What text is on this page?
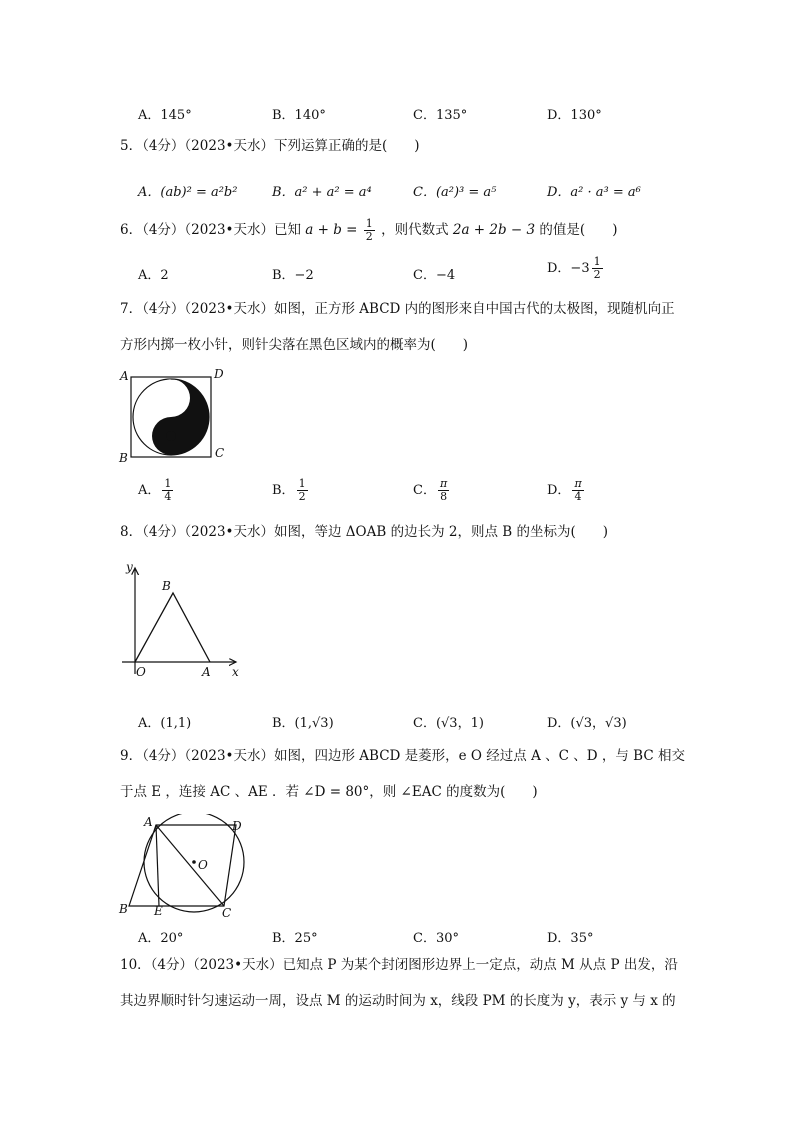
A．145°	B．140°	C．135°	D．130°
5．（4分）（2023•天水）下列运算正确的是(　　)
A．(ab)² = a²b²	B．a² + a² = a⁴	C．(a²)³ = a⁵	D．a² · a³ = a⁶
6．（4分）（2023•天水）已知 $a + b = \frac{1}{2}$ ，则代数式 2a + 2b − 3 的值是(　　)
A．2	B．−2	C．−4	D．$-3 \frac{1}{2}$
7．（4分）（2023•天水）如图，正方形 ABCD 内的图形来自中国古代的太极图，现随机向正
方形内掷一枚小针，则针尖落在黑色区域内的概率为(　　)
A	D
B	C
A． $\frac{1}{4}$	B． $\frac{1}{2}$	C． $\frac{\pi}{8}$	D． $\frac{\pi}{4}$
8．（4分）（2023•天水）如图，等边 ΔOAB 的边长为 2，则点 B 的坐标为(　　)
y
x
O	A
B
A．(1,1)	B．(1,√3)	C．(√3，1)	D．(√3，√3)
9．（4分）（2023•天水）如图，四边形 ABCD 是菱形，e O 经过点 A 、C 、D ，与 BC 相交
于点 E ，连接 AC 、AE ．若 ∠D = 80°，则 ∠EAC 的度数为(　　)
A	D
O
B E	C
A．20°	B．25°	C．30°	D．35°
10．（4分）（2023•天水）已知点 P 为某个封闭图形边界上一定点，动点 M 从点 P 出发，沿
其边界顺时针匀速运动一周，设点 M 的运动时间为 x，线段 PM 的长度为 y，表示 y 与 x 的
